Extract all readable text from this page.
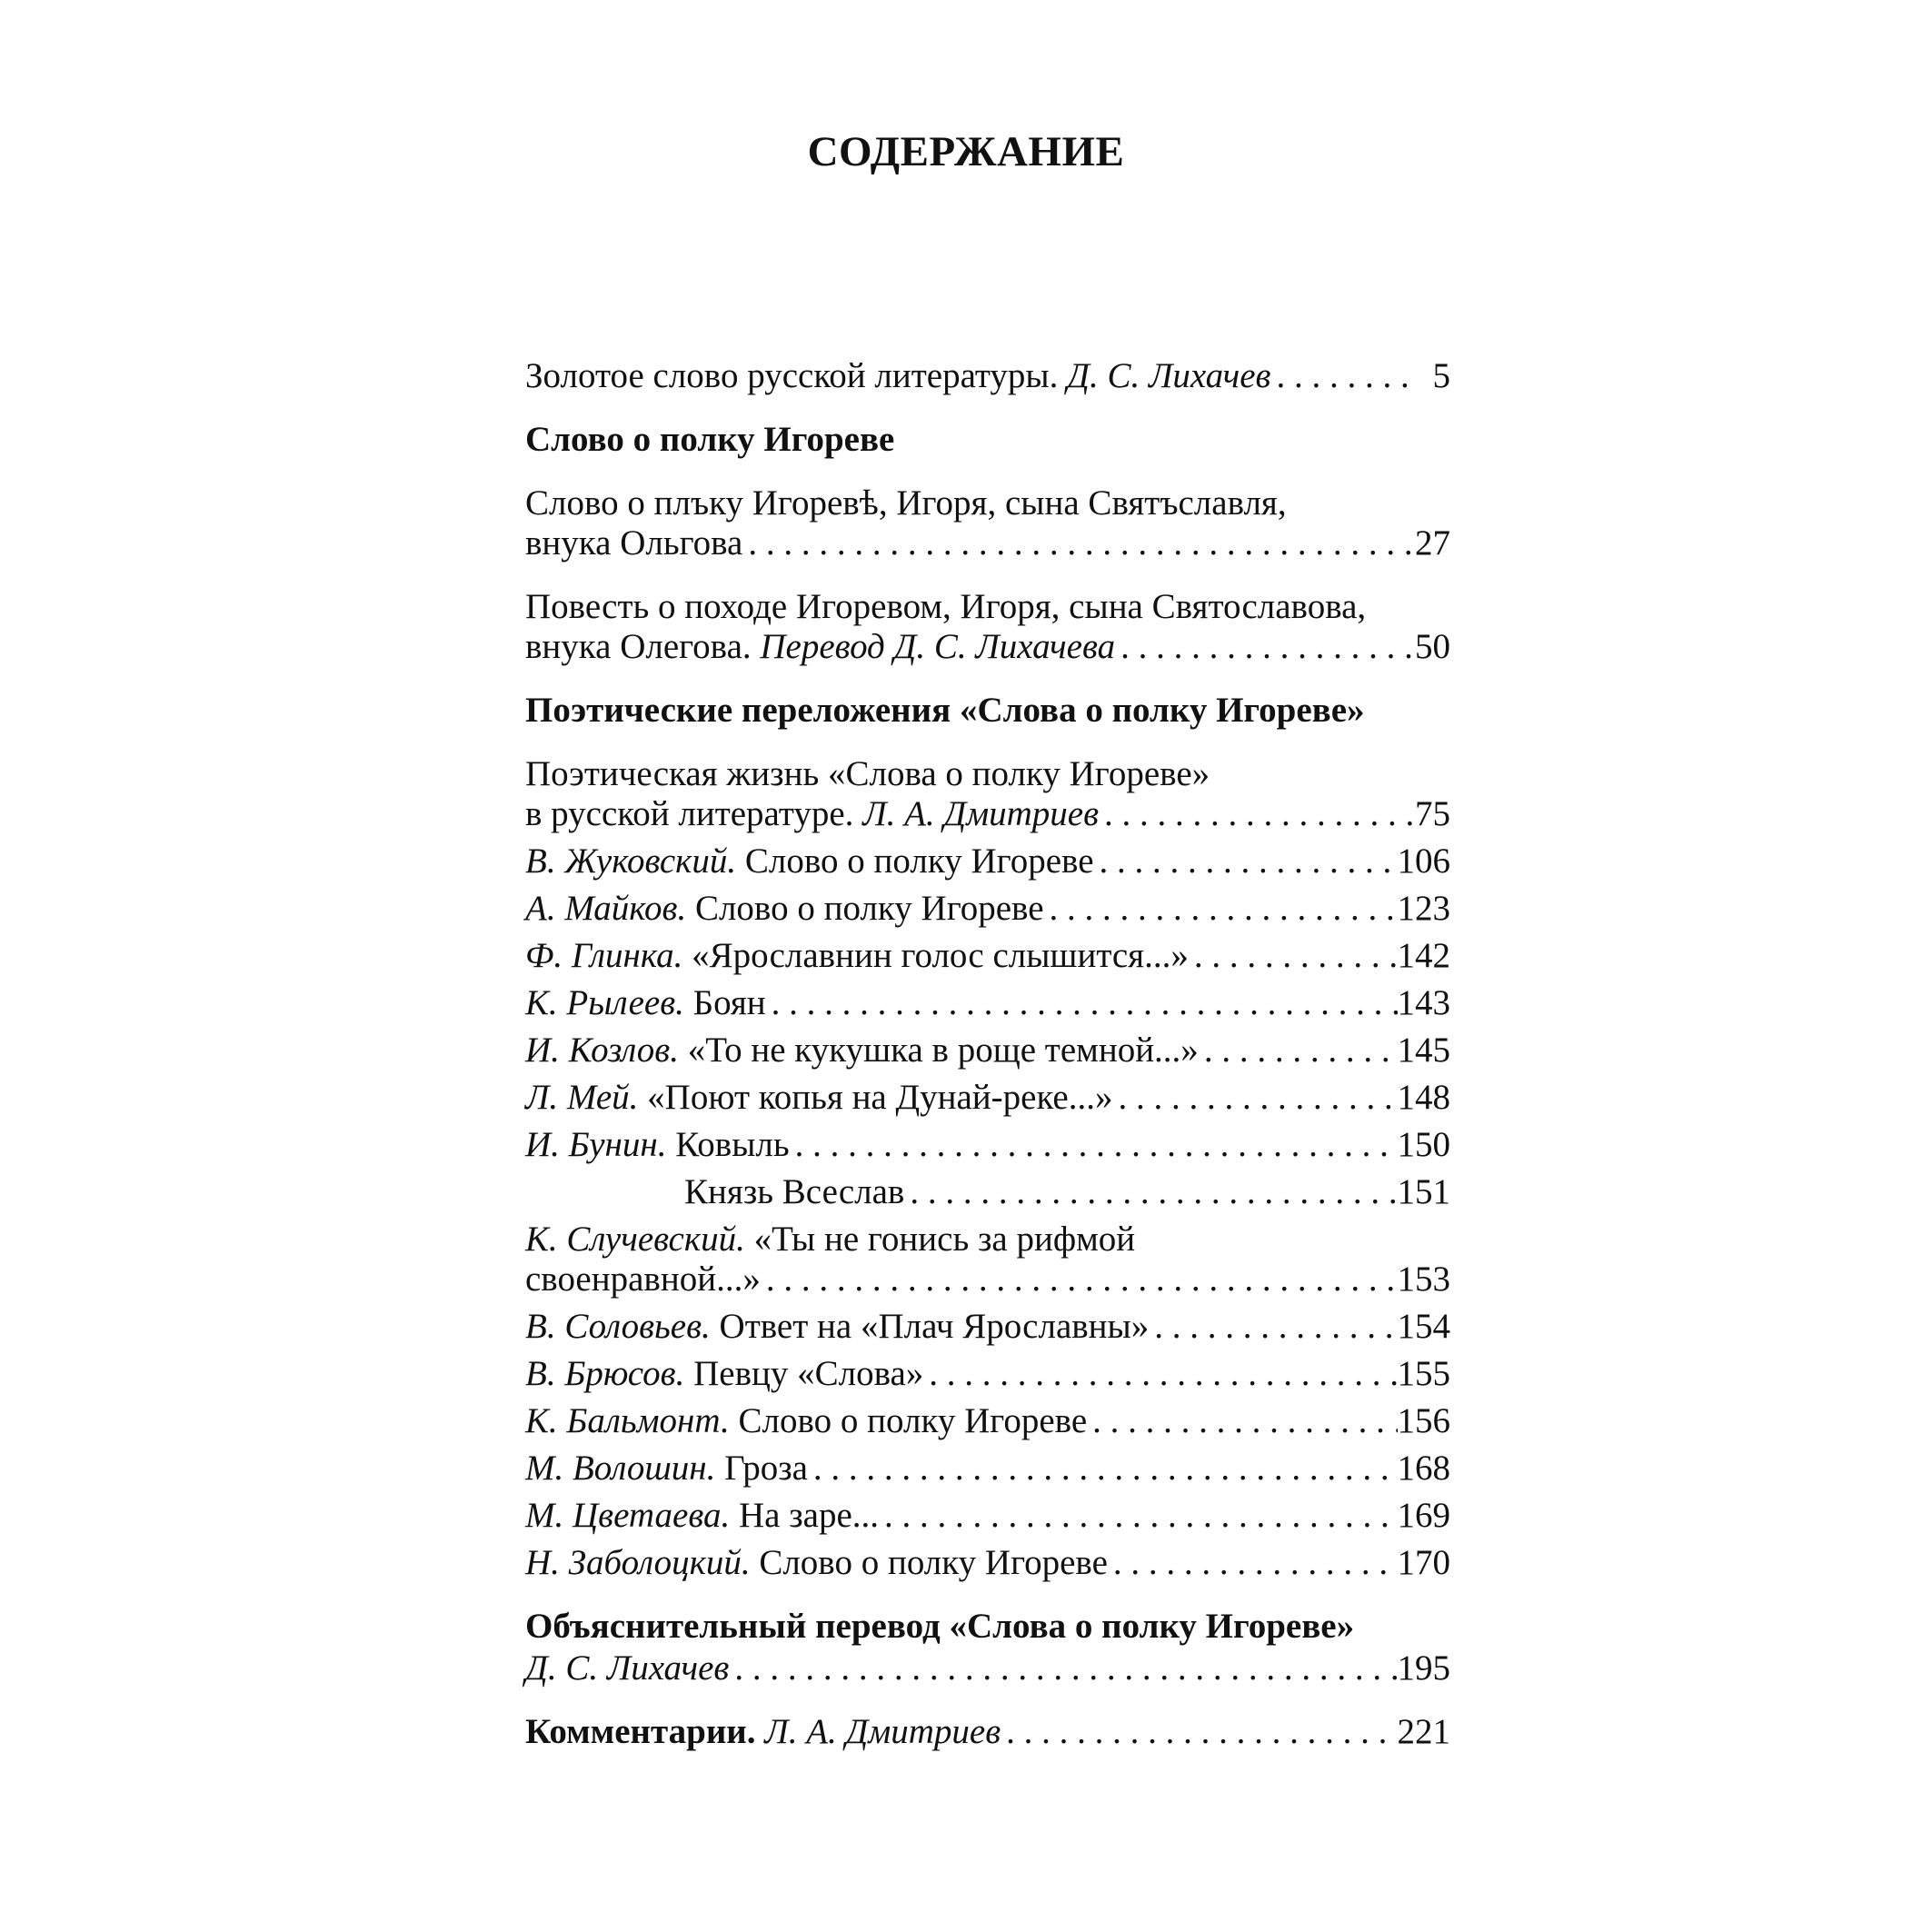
СОДЕРЖАНИЕ
Золотое слово русской литературы. Д. С. Лихачев . . .	5
Слово о полку Игореве
Слово о плъку Игоревѣ, Игоря, сына Святъславля,
внука Ольгова . . .	27
Повесть о походе Игоревом, Игоря, сына Святославова,
внука Олегова. Перевод Д. С. Лихачева . . .	50
Поэтические переложения «Слова о полку Игореве»
Поэтическая жизнь «Слова о полку Игореве»
в русской литературе. Л. А. Дмитриев . . .	75
В. Жуковский. Слово о полку Игореве . . .	106
А. Майков. Слово о полку Игореве . . .	123
Ф. Глинка. «Ярославнин голос слышится...» . . .	142
К. Рылеев. Боян . . .	143
И. Козлов. «То не кукушка в роще темной...» . . .	145
Л. Мей. «Поют копья на Дунай-реке...» . . .	148
И. Бунин. Ковыль . . .	150
Князь Всеслав . . .	151
К. Случевский. «Ты не гонись за рифмой
своенравной...» . . .	153
В. Соловьев. Ответ на «Плач Ярославны» . . .	154
В. Брюсов. Певцу «Слова» . . .	155
К. Бальмонт. Слово о полку Игореве . . .	156
М. Волошин. Гроза . . .	168
М. Цветаева. На заре... . . .	169
Н. Заболоцкий. Слово о полку Игореве . . .	170
Объяснительный перевод «Слова о полку Игореве»
Д. С. Лихачев . . .	195
Комментарии. Л. А. Дмитриев . . .	221
